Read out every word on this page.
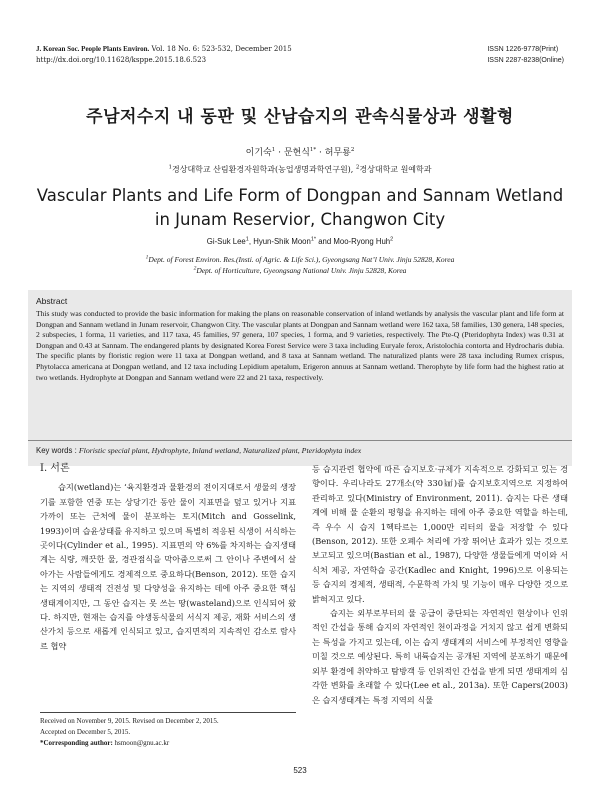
J. Korean Soc. People Plants Environ. Vol. 18 No. 6: 523-532, December 2015
http://dx.doi.org/10.11628/ksppe.2015.18.6.523
ISSN 1226-9778(Print)
ISSN 2287-8238(Online)
주남저수지 내 동판 및 산남습지의 관속식물상과 생활형
이기숙$^1$ · 문현식$^{1*}$ · 허무룡$^2$
$^1$경상대학교 산림환경자원학과(농업생명과학연구원), $^2$경상대학교 원예학과
Vascular Plants and Life Form of Dongpan and Sannam Wetland
in Junam Reservior, Changwon City
Gi-Suk Lee$^1$, Hyun-Shik Moon$^{1*}$ and Moo-Ryong Huh$^2$
$^1$Dept. of Forest Environ. Res.(Insti. of Agric. & Life Sci.), Gyeongsang Nat’l Univ. Jinju 52828, Korea
$^2$Dept. of Horticulture, Gyeongsang National Univ. Jinju 52828, Korea
Abstract
This study was conducted to provide the basic information for making the plans on reasonable conservation of inland wetlands by analysis the vascular plant and life form at Dongpan and Sannam wetland in Junam reservoir, Changwon City. The vascular plants at Dongpan and Sannam wetland were 162 taxa, 58 families, 130 genera, 148 species, 2 subspecies, 1 forma, 11 varieties, and 117 taxa, 45 families, 97 genera, 107 species, 1 forma, and 9 varieties, respectively. The Pte-Q (Pteridophyta Index) was 0.31 at Dongpan and 0.43 at Sannam. The endangered plants by designated Korea Forest Service were 3 taxa including Euryale ferox, Aristolochia contorta and Hydrocharis dubia. The specific plants by floristic region were 11 taxa at Dongpan wetland, and 8 taxa at Sannam wetland. The naturalized plants were 28 taxa including Rumex crispus, Phytolacca americana at Dongpan wetland, and 12 taxa including Lepidium apetalum, Erigeron annuus at Sannam wetland. Therophyte by life form had the highest ratio at two wetlands. Hydrophyte at Dongpan and Sannam wetland were 22 and 21 taxa, respectively.
Key words : Floristic special plant, Hydrophyte, Inland wetland, Naturalized plant, Pteridophyta index
Ⅰ. 서론

습지(wetland)는 ‘육지환경과 물환경의 전이지대로서 생물의 생장기를 포함한 연중 또는 상당기간 동안 물이 지표면을 덮고 있거나 지표 가까이 또는 근처에 물이 분포하는 토지(Mitch and Gosselink, 1993)이며 습윤상태를 유지하고 있으며 특별히 적응된 식생이 서식하는 곳이다(Cylinder et al., 1995). 지표면의 약 6%를 차지하는 습지생태계는 식량, 깨끗한 물, 경관점식을 막아줌으로써 그 안이나 주변에서 살아가는 사람들에게도 경제적으로 중요하다(Benson, 2012). 또한 습지는 지역의 생태적 건전성 및 다양성을 유지하는 데에 아주 중요한 핵심 생태계이지만, 그 동안 습지는 못 쓰는 땅(wasteland)으로 인식되어 왔다. 하지만, 현재는 습지를 야생동식물의 서식지 제공, 재화 서비스의 생산가치 등으로 새롭게 인식되고 있고, 습지면적의 지속적인 감소로 람사르 협약

등 습지관련 협약에 따른 습지보호·규제가 지속적으로 강화되고 있는 경향이다. 우리나라도 27개소(약 330㎢)를 습지보호지역으로 지정하여 관리하고 있다(Ministry of Environment, 2011). 습지는 다른 생태계에 비해 물 순환의 평형을 유지하는 데에 아주 중요한 역할을 하는데, 즉 우수 시 습지 1헥타르는 1,000만 리터의 물을 저장할 수 있다(Benson, 2012). 또한 오폐수 처리에 가장 뛰어난 효과가 있는 것으로 보고되고 있으며(Bastian et al., 1987), 다양한 생물들에게 먹이와 서식처 제공, 자연학습 공간(Kadlec and Knight, 1996)으로 이용되는 등 습지의 경제적, 생태적, 수문학적 가치 및 기능이 매우 다양한 것으로 밝혀지고 있다.

습지는 외부로부터의 물 공급이 중단되는 자연적인 현상이나 인위적인 간섭을 통해 습지의 자연적인 천이과정을 거치지 않고 쉽게 변화되는 특성을 가지고 있는데, 이는 습지 생태계의 서비스에 부정적인 영향을 미칠 것으로 예상된다. 특히 내륙습지는 공개된 지역에 분포하기 때문에 외부 환경에 취약하고 탐방객 등 인위적인 간섭을 받게 되면 생태계의 심각한 변화를 초래할 수 있다(Lee et al., 2013a). 또한 Capers(2003)은 습지생태계는 특정 지역의 식물

Received on November 9, 2015. Revised on December 2, 2015.
Accepted on December 5, 2015.
*Corresponding author: hsmoon@gnu.ac.kr
523
